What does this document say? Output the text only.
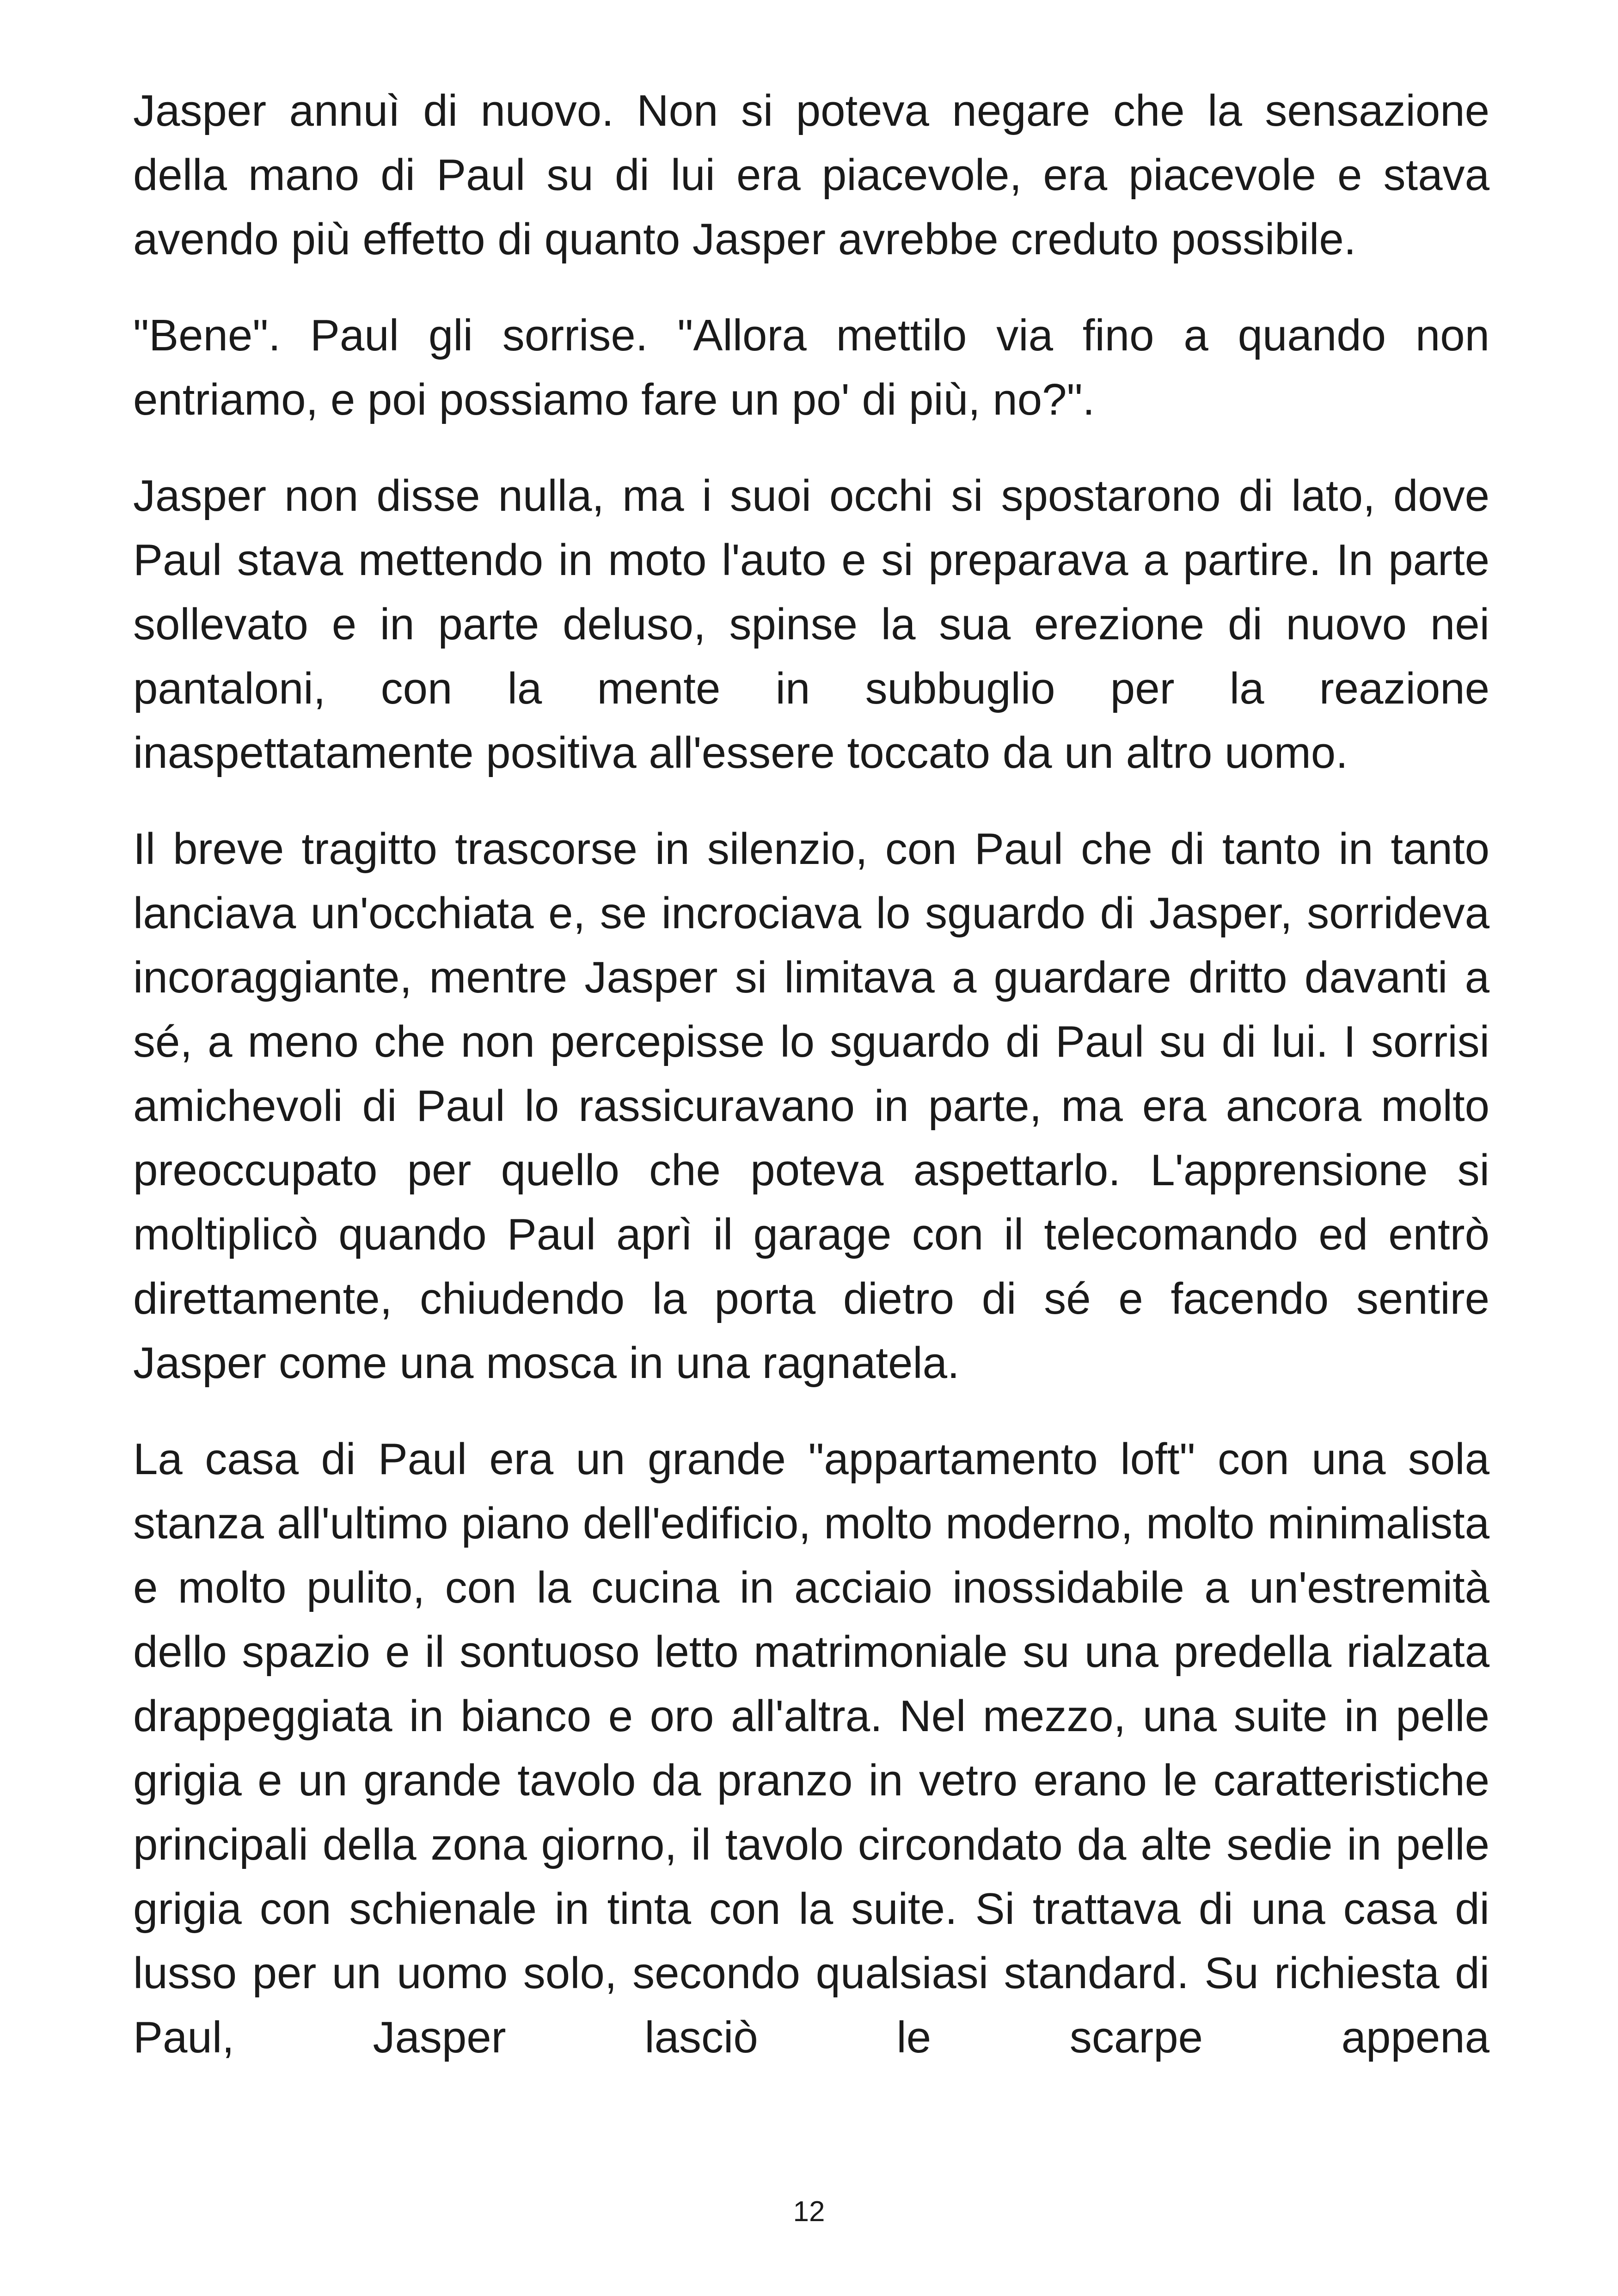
Jasper annuì di nuovo. Non si poteva negare che la sensazione della mano di Paul su di lui era piacevole, era piacevole e stava avendo più effetto di quanto Jasper avrebbe creduto possibile.

"Bene". Paul gli sorrise. "Allora mettilo via fino a quando non entriamo, e poi possiamo fare un po' di più, no?".

Jasper non disse nulla, ma i suoi occhi si spostarono di lato, dove Paul stava mettendo in moto l'auto e si preparava a partire. In parte sollevato e in parte deluso, spinse la sua erezione di nuovo nei pantaloni, con la mente in subbuglio per la reazione inaspettatamente positiva all'essere toccato da un altro uomo.

Il breve tragitto trascorse in silenzio, con Paul che di tanto in tanto lanciava un'occhiata e, se incrociava lo sguardo di Jasper, sorrideva incoraggiante, mentre Jasper si limitava a guardare dritto davanti a sé, a meno che non percepisse lo sguardo di Paul su di lui. I sorrisi amichevoli di Paul lo rassicuravano in parte, ma era ancora molto preoccupato per quello che poteva aspettarlo. L'apprensione si moltiplicò quando Paul aprì il garage con il telecomando ed entrò direttamente, chiudendo la porta dietro di sé e facendo sentire Jasper come una mosca in una ragnatela.

La casa di Paul era un grande "appartamento loft" con una sola stanza all'ultimo piano dell'edificio, molto moderno, molto minimalista e molto pulito, con la cucina in acciaio inossidabile a un'estremità dello spazio e il sontuoso letto matrimoniale su una predella rialzata drappeggiata in bianco e oro all'altra. Nel mezzo, una suite in pelle grigia e un grande tavolo da pranzo in vetro erano le caratteristiche principali della zona giorno, il tavolo circondato da alte sedie in pelle grigia con schienale in tinta con la suite. Si trattava di una casa di lusso per un uomo solo, secondo qualsiasi standard. Su richiesta di Paul, Jasper lasciò le scarpe appena

12
